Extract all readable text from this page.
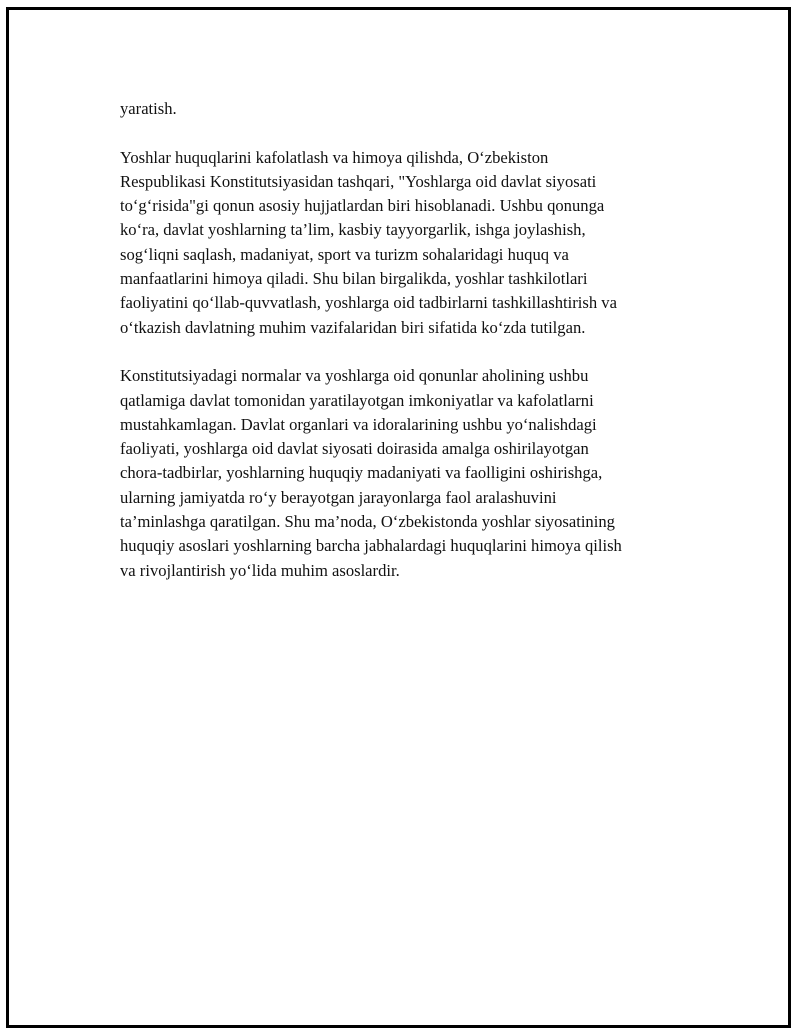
yaratish.

Yoshlar huquqlarini kafolatlash va himoya qilishda, O‘zbekiston
Respublikasi Konstitutsiyasidan tashqari, "Yoshlarga oid davlat siyosati
to‘g‘risida"gi qonun asosiy hujjatlardan biri hisoblanadi. Ushbu qonunga
ko‘ra, davlat yoshlarning ta’lim, kasbiy tayyorgarlik, ishga joylashish,
sog‘liqni saqlash, madaniyat, sport va turizm sohalaridagi huquq va
manfaatlarini himoya qiladi. Shu bilan birgalikda, yoshlar tashkilotlari
faoliyatini qo‘llab-quvvatlash, yoshlarga oid tadbirlarni tashkillashtirish va
o‘tkazish davlatning muhim vazifalaridan biri sifatida ko‘zda tutilgan.

Konstitutsiyadagi normalar va yoshlarga oid qonunlar aholining ushbu
qatlamiga davlat tomonidan yaratilayotgan imkoniyatlar va kafolatlarni
mustahkamlagan. Davlat organlari va idoralarining ushbu yo‘nalishdagi
faoliyati, yoshlarga oid davlat siyosati doirasida amalga oshirilayotgan
chora-tadbirlar, yoshlarning huquqiy madaniyati va faolligini oshirishga,
ularning jamiyatda ro‘y berayotgan jarayonlarga faol aralashuvini
ta’minlashga qaratilgan. Shu ma’noda, O‘zbekistonda yoshlar siyosatining
huquqiy asoslari yoshlarning barcha jabhalardagi huquqlarini himoya qilish
va rivojlantirish yo‘lida muhim asoslardir.
